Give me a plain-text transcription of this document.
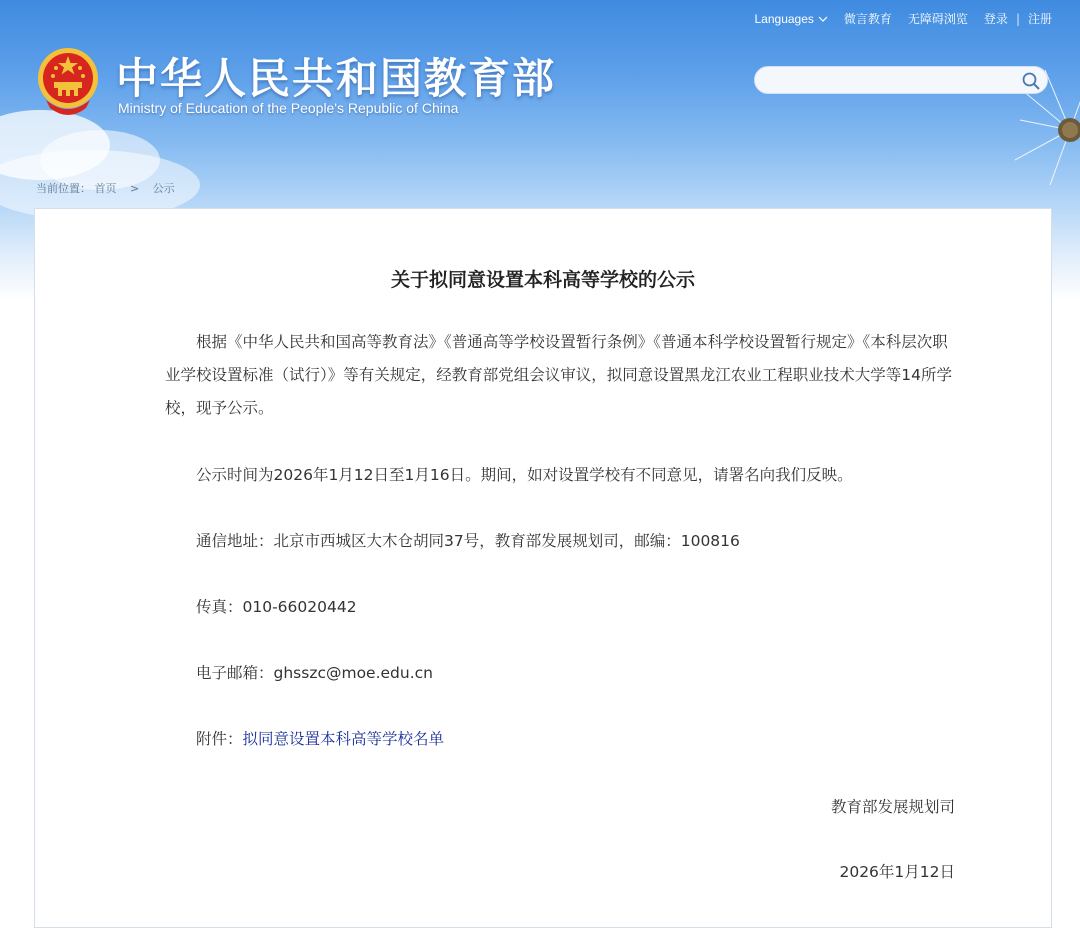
中华人民共和国教育部
Ministry of Education of the People's Republic of China
Languages	微言教育 无障碍浏览 登录 | 注册
当前位置： 首页 > 公示
关于拟同意设置本科高等学校的公示

根据《中华人民共和国高等教育法》《普通高等学校设置暂行条例》《普通本科学校设置暂行规定》《本科层次职业学校设置标准（试行）》等有关规定，经教育部党组会议审议，拟同意设置黑龙江农业工程职业技术大学等14所学校，现予公示。

公示时间为2026年1月12日至1月16日。期间，如对设置学校有不同意见，请署名向我们反映。

通信地址：北京市西城区大木仓胡同37号，教育部发展规划司，邮编：100816

传真：010-66020442

电子邮箱：ghsszc@moe.edu.cn

附件：拟同意设置本科高等学校名单

教育部发展规划司
2026年1月12日
